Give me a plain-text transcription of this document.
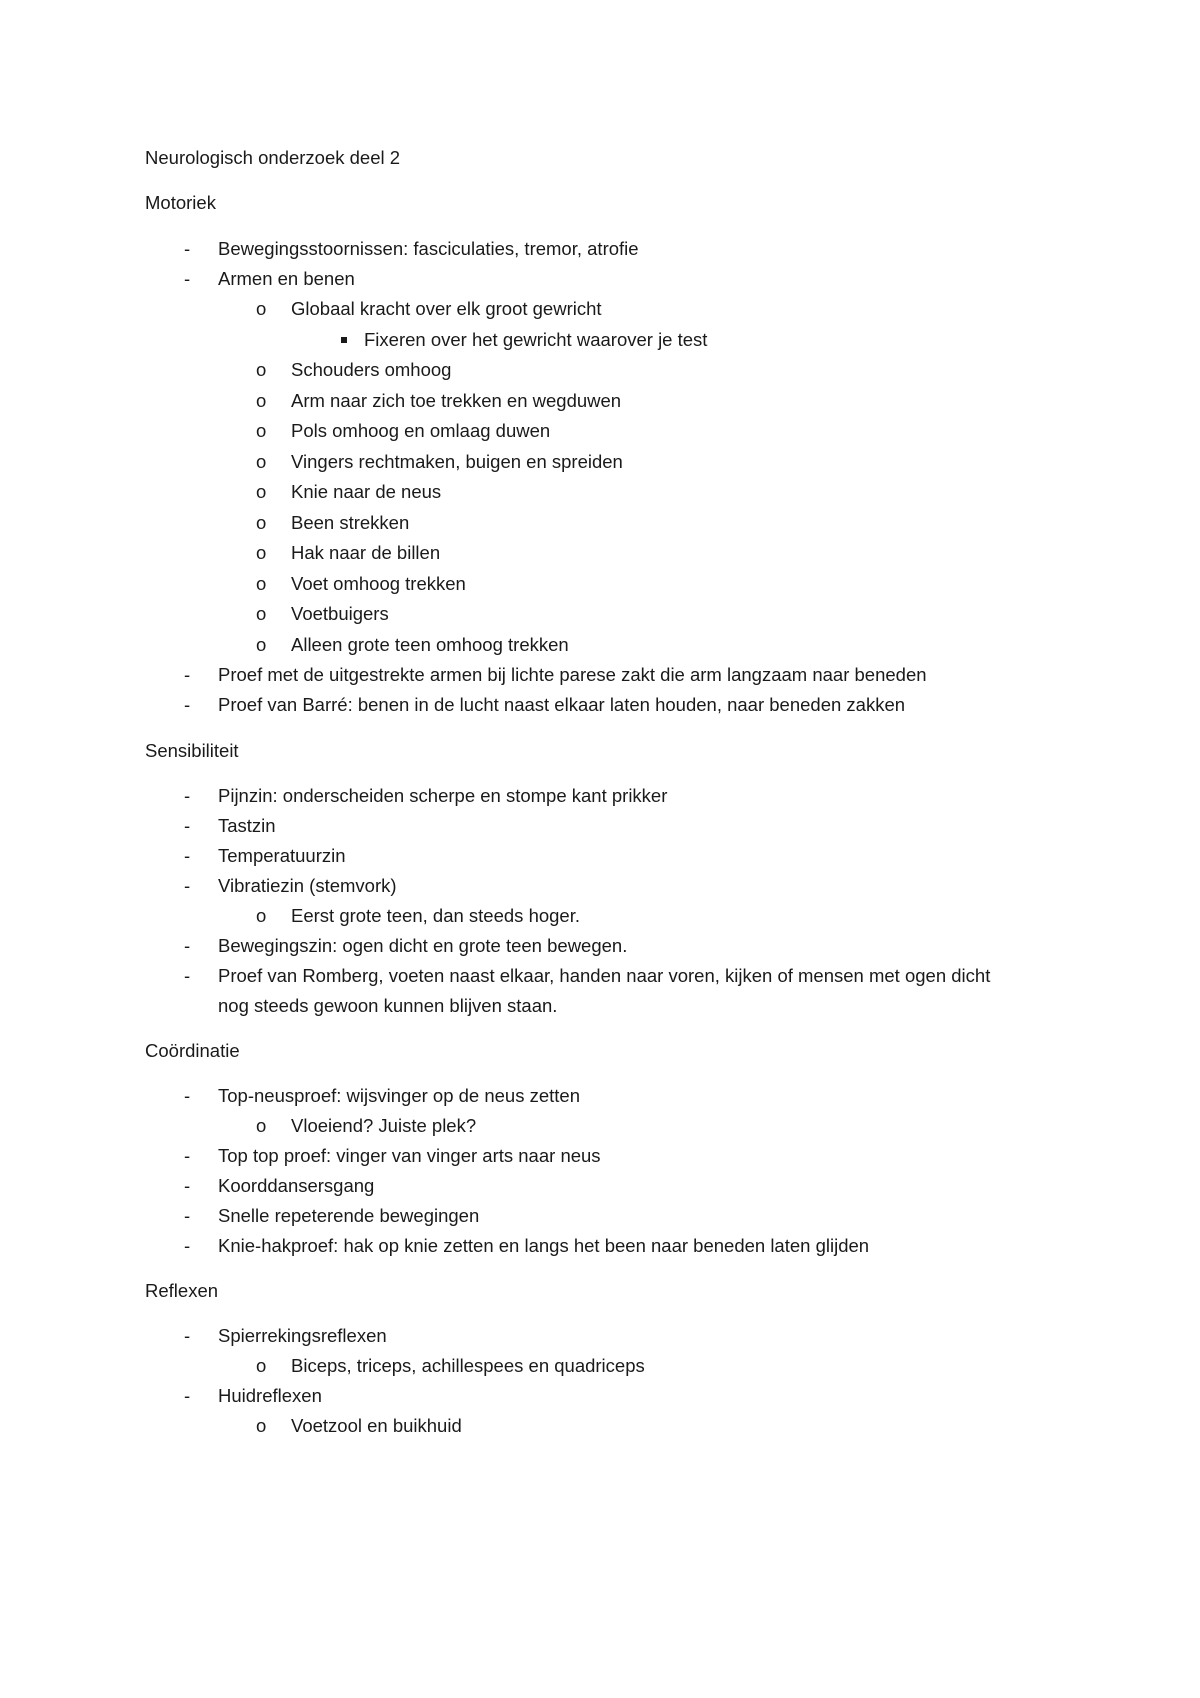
Neurologisch onderzoek deel 2
Motoriek
- Bewegingsstoornissen: fasciculaties, tremor, atrofie
- Armen en benen
o Globaal kracht over elk groot gewricht
Fixeren over het gewricht waarover je test
o Schouders omhoog
o Arm naar zich toe trekken en wegduwen
o Pols omhoog en omlaag duwen
o Vingers rechtmaken, buigen en spreiden
o Knie naar de neus
o Been strekken
o Hak naar de billen
o Voet omhoog trekken
o Voetbuigers
o Alleen grote teen omhoog trekken
- Proef met de uitgestrekte armen bij lichte parese zakt die arm langzaam naar beneden
- Proef van Barré: benen in de lucht naast elkaar laten houden, naar beneden zakken
Sensibiliteit
- Pijnzin: onderscheiden scherpe en stompe kant prikker
- Tastzin
- Temperatuurzin
- Vibratiezin (stemvork)
o Eerst grote teen, dan steeds hoger.
- Bewegingszin: ogen dicht en grote teen bewegen.
- Proef van Romberg, voeten naast elkaar, handen naar voren, kijken of mensen met ogen dicht
nog steeds gewoon kunnen blijven staan.
Coördinatie
- Top-neusproef: wijsvinger op de neus zetten
o Vloeiend? Juiste plek?
- Top top proef: vinger van vinger arts naar neus
- Koorddansersgang
- Snelle repeterende bewegingen
- Knie-hakproef: hak op knie zetten en langs het been naar beneden laten glijden
Reflexen
- Spierrekingsreflexen
o Biceps, triceps, achillespees en quadriceps
- Huidreflexen
o Voetzool en buikhuid
